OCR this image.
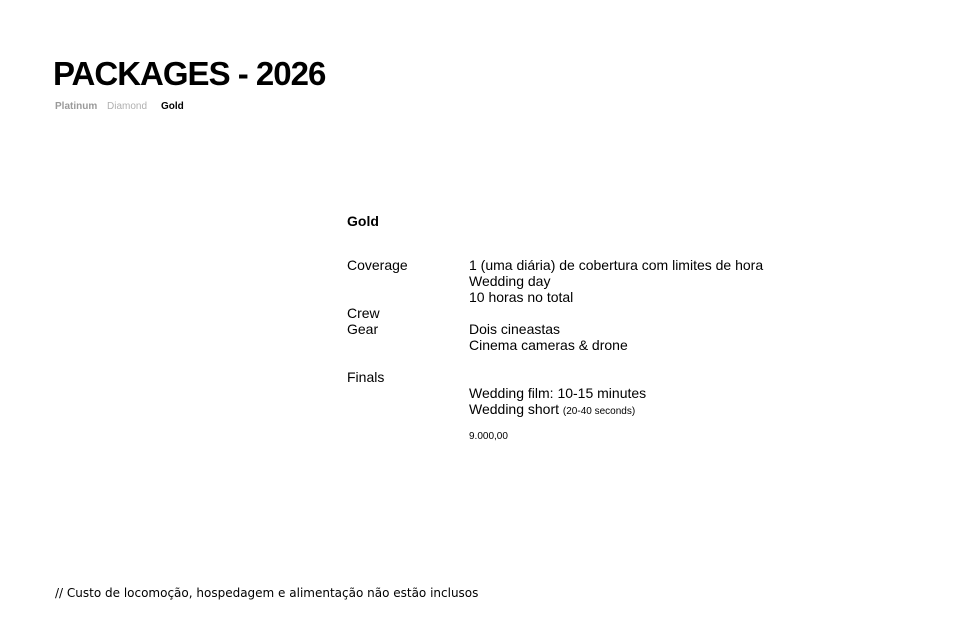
PACKAGES - 2026
Platinum Diamond Gold
Gold
Coverage	1 (uma diária) de cobertura com limites de hora
Wedding day
10 horas no total
Crew
Gear	Dois cineastas
Cinema cameras & drone
Finals
Wedding film: 10-15 minutes
Wedding short (20-40 seconds)
9.000,00
// Custo de locomoção, hospedagem e alimentação não estão inclusos
